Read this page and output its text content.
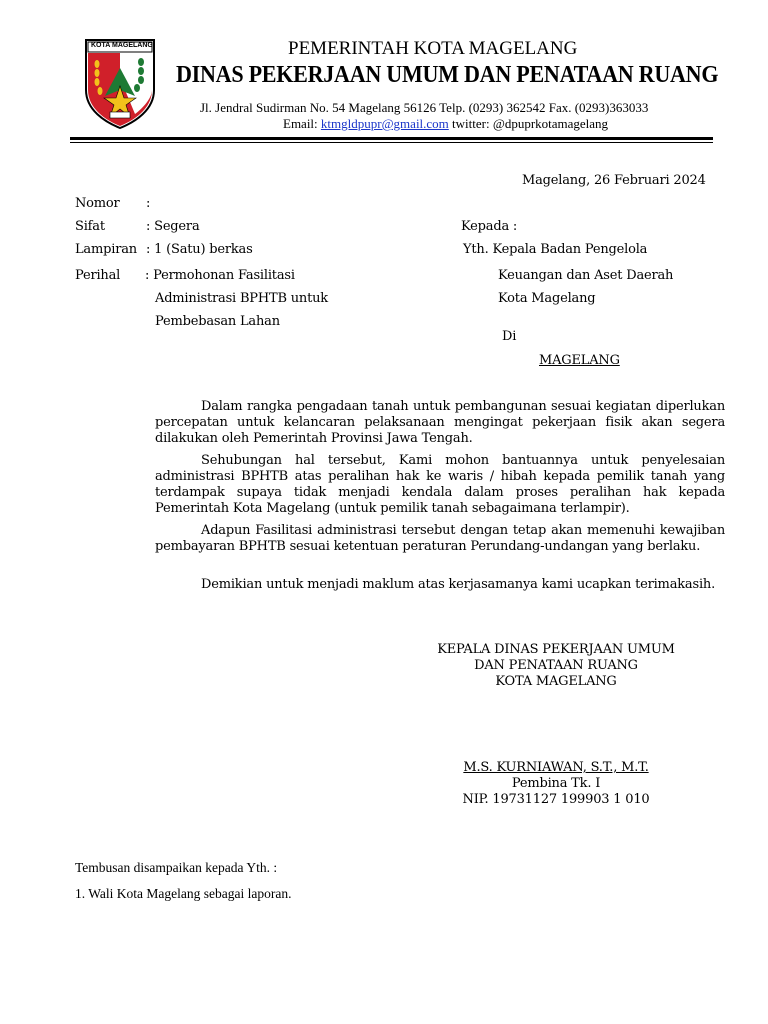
KOTA MAGELANG	PEMERINTAH KOTA MAGELANG
DINAS PEKERJAAN UMUM DAN PENATAAN RUANG
Jl. Jendral Sudirman No. 54 Magelang 56126 Telp. (0293) 362542 Fax. (0293)363033
Email: ktmgldpupr@gmail.com twitter: @dpuprkotamagelang
Magelang, 26 Februari 2024
Nomor :
Sifat	: Segera
Lampiran : 1 (Satu) berkas
Perihal : Permohonan Fasilitasi
Administrasi BPHTB untuk
Pembebasan Lahan
Kepada :
Yth. Kepala Badan Pengelola
Keuangan dan Aset Daerah
Kota Magelang
Di
MAGELANG
Dalam rangka pengadaan tanah untuk pembangunan sesuai kegiatan diperlukan percepatan untuk kelancaran pelaksanaan mengingat pekerjaan fisik akan segera dilakukan oleh Pemerintah Provinsi Jawa Tengah.
Sehubungan hal tersebut, Kami mohon bantuannya untuk penyelesaian administrasi BPHTB atas peralihan hak ke waris / hibah kepada pemilik tanah yang terdampak supaya tidak menjadi kendala dalam proses peralihan hak kepada Pemerintah Kota Magelang (untuk pemilik tanah sebagaimana terlampir).
Adapun Fasilitasi administrasi tersebut dengan tetap akan memenuhi kewajiban pembayaran BPHTB sesuai ketentuan peraturan Perundang-undangan yang berlaku.
Demikian untuk menjadi maklum atas kerjasamanya kami ucapkan terimakasih.
KEPALA DINAS PEKERJAAN UMUM
DAN PENATAAN RUANG
KOTA MAGELANG
M.S. KURNIAWAN, S.T., M.T.
Pembina Tk. I
NIP. 19731127 199903 1 010
Tembusan disampaikan kepada Yth. :
1. Wali Kota Magelang sebagai laporan.
